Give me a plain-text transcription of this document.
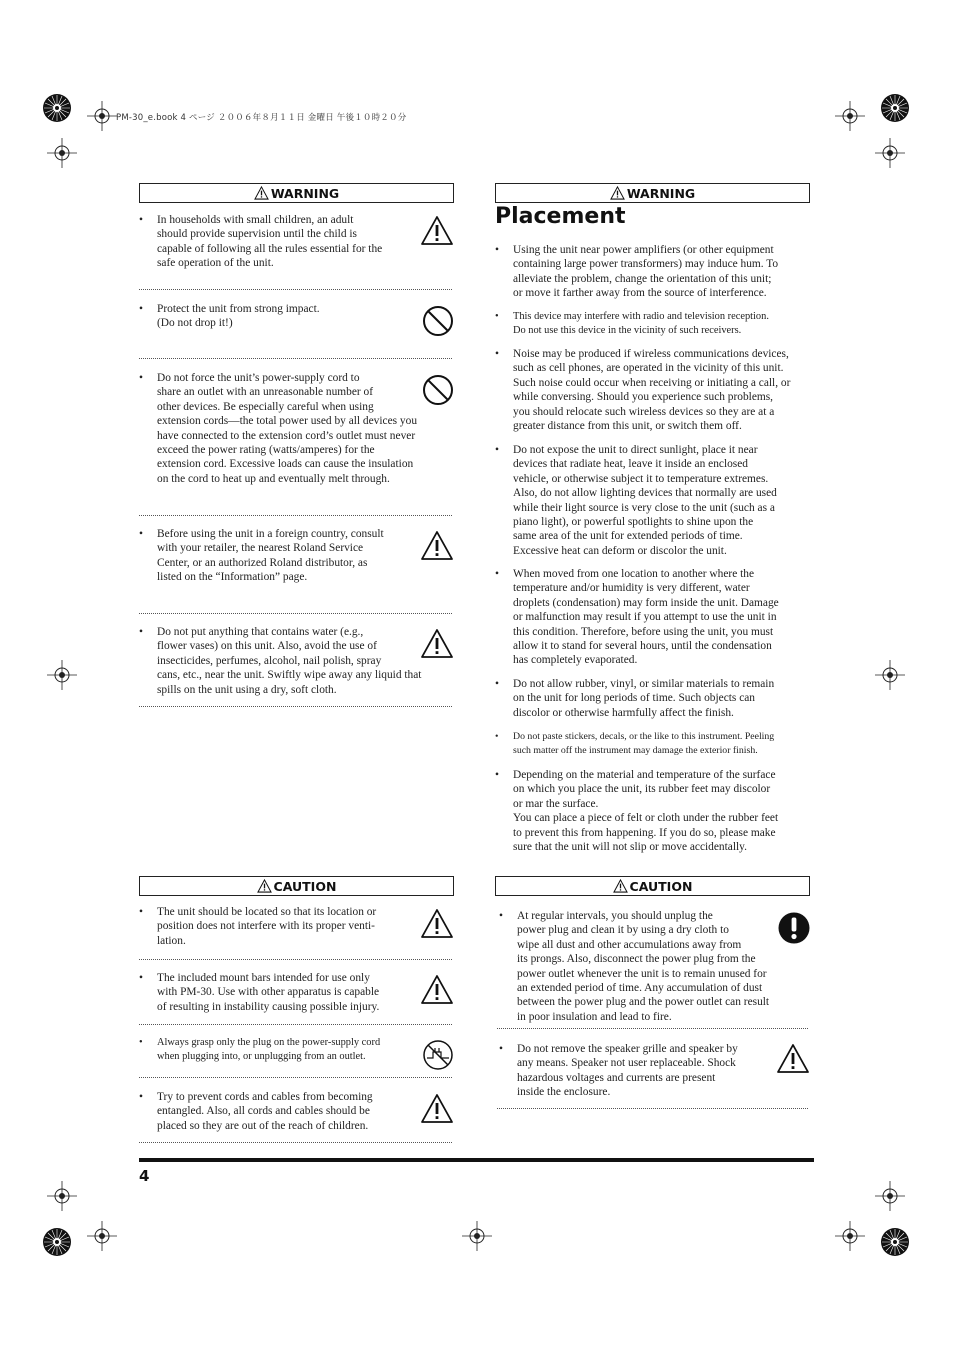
PM-30_e.book 4 ページ ２００６年８月１１日 金曜日 午後１０時２０分
WARNING	WARNING
Placement
• In households with small children, an adult
should provide supervision until the child is
capable of following all the rules essential for the
safe operation of the unit.
• Protect the unit from strong impact.
(Do not drop it!)
• Do not force the unit’s power-supply cord to
share an outlet with an unreasonable number of
other devices. Be especially careful when using
extension cords—the total power used by all devices you
have connected to the extension cord’s outlet must never
exceed the power rating (watts/amperes) for the
extension cord. Excessive loads can cause the insulation
on the cord to heat up and eventually melt through.
• Before using the unit in a foreign country, consult
with your retailer, the nearest Roland Service
Center, or an authorized Roland distributor, as
listed on the “Information” page.
• Do not put anything that contains water (e.g.,
flower vases) on this unit. Also, avoid the use of
insecticides, perfumes, alcohol, nail polish, spray
cans, etc., near the unit. Swiftly wipe away any liquid that
spills on the unit using a dry, soft cloth.
• Using the unit near power amplifiers (or other equipment
containing large power transformers) may induce hum. To
alleviate the problem, change the orientation of this unit;
or move it farther away from the source of interference.
• This device may interfere with radio and television reception.
Do not use this device in the vicinity of such receivers.
• Noise may be produced if wireless communications devices,
such as cell phones, are operated in the vicinity of this unit.
Such noise could occur when receiving or initiating a call, or
while conversing. Should you experience such problems,
you should relocate such wireless devices so they are at a
greater distance from this unit, or switch them off.
• Do not expose the unit to direct sunlight, place it near
devices that radiate heat, leave it inside an enclosed
vehicle, or otherwise subject it to temperature extremes.
Also, do not allow lighting devices that normally are used
while their light source is very close to the unit (such as a
piano light), or powerful spotlights to shine upon the
same area of the unit for extended periods of time.
Excessive heat can deform or discolor the unit.
• When moved from one location to another where the
temperature and/or humidity is very different, water
droplets (condensation) may form inside the unit. Damage
or malfunction may result if you attempt to use the unit in
this condition. Therefore, before using the unit, you must
allow it to stand for several hours, until the condensation
has completely evaporated.
• Do not allow rubber, vinyl, or similar materials to remain
on the unit for long periods of time. Such objects can
discolor or otherwise harmfully affect the finish.
• Do not paste stickers, decals, or the like to this instrument. Peeling
such matter off the instrument may damage the exterior finish.
• Depending on the material and temperature of the surface
on which you place the unit, its rubber feet may discolor
or mar the surface.
You can place a piece of felt or cloth under the rubber feet
to prevent this from happening. If you do so, please make
sure that the unit will not slip or move accidentally.
CAUTION
• The unit should be located so that its location or
position does not interfere with its proper venti-
lation.
• The included mount bars intended for use only
with PM-30. Use with other apparatus is capable
of resulting in instability causing possible injury.
• Always grasp only the plug on the power-supply cord
when plugging into, or unplugging from an outlet.
• Try to prevent cords and cables from becoming
entangled. Also, all cords and cables should be
placed so they are out of the reach of children.
CAUTION
• At regular intervals, you should unplug the
power plug and clean it by using a dry cloth to
wipe all dust and other accumulations away from
its prongs. Also, disconnect the power plug from the
power outlet whenever the unit is to remain unused for
an extended period of time. Any accumulation of dust
between the power plug and the power outlet can result
in poor insulation and lead to fire.
• Do not remove the speaker grille and speaker by
any means. Speaker not user replaceable. Shock
hazardous voltages and currents are present
inside the enclosure.
4
